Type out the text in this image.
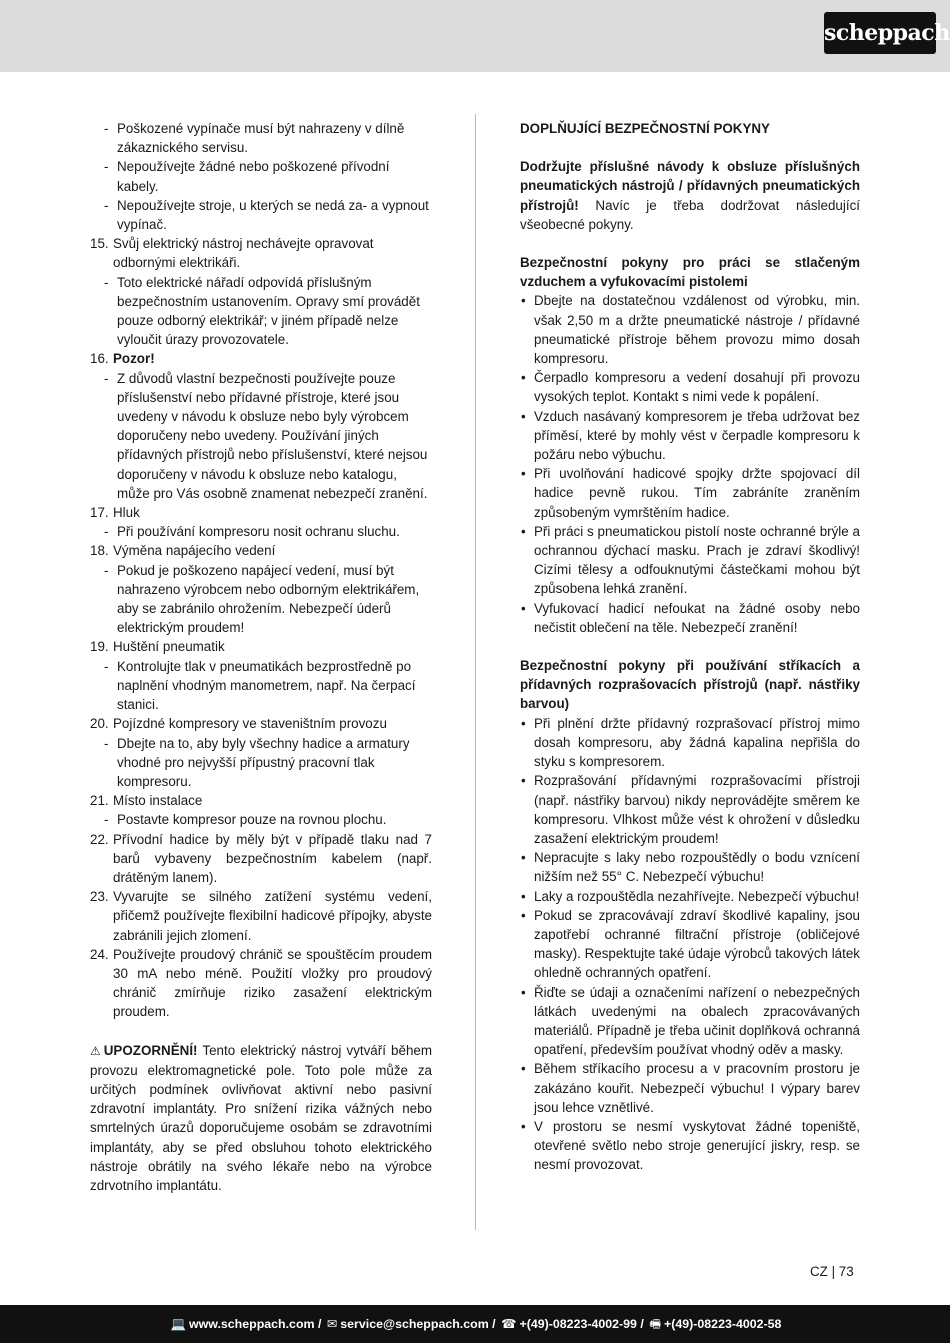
scheppach
- Poškozené vypínače musí být nahrazeny v dílně zákaznického servisu.
- Nepoužívejte žádné nebo poškozené přívodní kabely.
- Nepoužívejte stroje, u kterých se nedá za- a vypnout vypínač.
15. Svůj elektrický nástroj nechávejte opravovat odbornými elektrikáři.
- Toto elektrické nářadí odpovídá příslušným bezpečnostním ustanovením. Opravy smí provádět pouze odborný elektrikář; v jiném případě nelze vyloučit úrazy provozovatele.
16. Pozor!
- Z důvodů vlastní bezpečnosti používejte pouze příslušenství nebo přídavné přístroje, které jsou uvedeny v návodu k obsluze nebo byly výrobcem doporučeny nebo uvedeny. Používání jiných přídavných přístrojů nebo příslušenství, které nejsou doporučeny v návodu k obsluze nebo katalogu, může pro Vás osobně znamenat nebezpečí zranění.
17. Hluk
- Při používání kompresoru nosit ochranu sluchu.
18. Výměna napájecího vedení
- Pokud je poškozeno napájecí vedení, musí být nahrazeno výrobcem nebo odborným elektrikářem, aby se zabránilo ohrožením. Nebezpečí úderů elektrickým proudem!
19. Huštění pneumatik
- Kontrolujte tlak v pneumatikách bezprostředně po naplnění vhodným manometrem, např. Na čerpací stanici.
20. Pojízdné kompresory ve staveništním provozu
- Dbejte na to, aby byly všechny hadice a armatury vhodné pro nejvyšší přípustný pracovní tlak kompresoru.
21. Místo instalace
- Postavte kompresor pouze na rovnou plochu.
22. Přívodní hadice by měly být v případě tlaku nad 7 barů vybaveny bezpečnostním kabelem (např. drátěným lanem).
23. Vyvarujte se silného zatížení systému vedení, přičemž používejte flexibilní hadicové přípojky, abyste zabránili jejich zlomení.
24. Používejte proudový chránič se spouštěcím proudem 30 mA nebo méně. Použití vložky pro proudový chránič zmírňuje riziko zasažení elektrickým proudem.
⚠ UPOZORNĚNÍ! Tento elektrický nástroj vytváří během provozu elektromagnetické pole. Toto pole může za určitých podmínek ovlivňovat aktivní nebo pasivní zdravotní implantáty. Pro snížení rizika vážných nebo smrtelných úrazů doporučujeme osobám se zdravotními implantáty, aby se před obsluhou tohoto elektrického nástroje obrátily na svého lékaře nebo na výrobce zdrvotního implantátu.
DOPLŇUJÍCÍ BEZPEČNOSTNÍ POKYNY
Dodržujte příslušné návody k obsluze příslušných pneumatických nástrojů / přídavných pneumatických přístrojů! Navíc je třeba dodržovat následující všeobecné pokyny.
Bezpečnostní pokyny pro práci se stlačeným vzduchem a vyfukovacími pistolemi
• Dbejte na dostatečnou vzdálenost od výrobku, min. však 2,50 m a držte pneumatické nástroje / přídavné pneumatické přístroje během provozu mimo dosah kompresoru.
• Čerpadlo kompresoru a vedení dosahují při provozu vysokých teplot. Kontakt s nimi vede k popálení.
• Vzduch nasávaný kompresorem je třeba udržovat bez příměsí, které by mohly vést v čerpadle kompresoru k požáru nebo výbuchu.
• Při uvolňování hadicové spojky držte spojovací díl hadice pevně rukou. Tím zabráníte zraněním způsobeným vymrštěním hadice.
• Při práci s pneumatickou pistolí noste ochranné brýle a ochrannou dýchací masku. Prach je zdraví škodlivý! Cizími tělesy a odfouknutými částečkami mohou být způsobena lehká zranění.
• Vyfukovací hadicí nefoukat na žádné osoby nebo nečistit oblečení na těle. Nebezpečí zranění!
Bezpečnostní pokyny při používání stříkacích a přídavných rozprašovacích přístrojů (např. nástřiky barvou)
• Při plnění držte přídavný rozprašovací přístroj mimo dosah kompresoru, aby žádná kapalina nepřišla do styku s kompresorem.
• Rozprašování přídavnými rozprašovacími přístroji (např. nástřiky barvou) nikdy neprovádějte směrem ke kompresoru. Vlhkost může vést k ohrožení v důsledku zasažení elektrickým proudem!
• Nepracujte s laky nebo rozpouštědly o bodu vznícení nižším než 55° C. Nebezpečí výbuchu!
• Laky a rozpouštědla nezahřívejte. Nebezpečí výbuchu!
• Pokud se zpracovávají zdraví škodlivé kapaliny, jsou zapotřebí ochranné filtrační přístroje (obličejové masky). Respektujte také údaje výrobců takových látek ohledně ochranných opatření.
• Řiďte se údaji a označeními nařízení o nebezpečných látkách uvedenými na obalech zpracovávaných materiálů. Případně je třeba učinit doplňková ochranná opatření, především používat vhodný oděv a masky.
• Během stříkacího procesu a v pracovním prostoru je zakázáno kouřit. Nebezpečí výbuchu! I výpary barev jsou lehce vznětlivé.
• V prostoru se nesmí vyskytovat žádné topeniště, otevřené světlo nebo stroje generující jiskry, resp. se nesmí provozovat.
CZ | 73
💻 www.scheppach.com / ✉ service@scheppach.com / ☎ +(49)-08223-4002-99 / 🖷 +(49)-08223-4002-58
